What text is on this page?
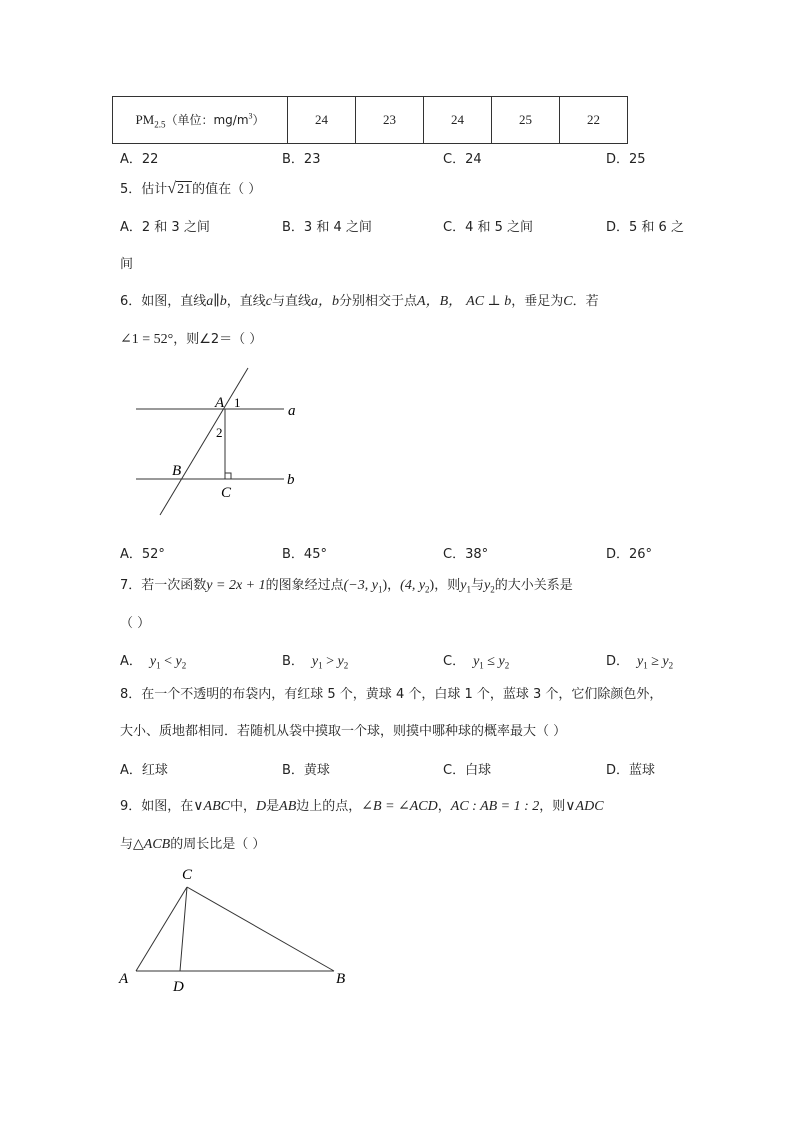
$PM_{2.5}$（单位：$mg/m^3$）	24	23	24	25	22
A．22	B．23	C．24	D．25
5．估计√21的值在（ ）
A．2 和 3 之间	B．3 和 4 之间	C．4 和 5 之间	D．5 和 6 之
间
6．如图，直线a∥b，直线c与直线a，b分别相交于点A，B， AC ⊥ b，垂足为C．若
∠1 = 52°，则∠2＝（ ）
A 1
2
a
B
C
b
A．52°	B．45°	C．38°	D．26°
7．若一次函数y = 2x + 1的图象经过点(−3, $y_1$)，(4, $y_2$)，则$y_1$与$y_2$的大小关系是
（ ）
A． $y_1 < y_2$	B． $y_1 > y_2$	C． $y_1 \le y_2$	D． $y_1 \ge y_2$
8．在一个不透明的布袋内，有红球 5 个，黄球 4 个，白球 1 个，蓝球 3 个，它们除颜色外，
大小、质地都相同．若随机从袋中摸取一个球，则摸中哪种球的概率最大（ ）
A．红球	B．黄球	C．白球	D．蓝球
9．如图，在∨ABC中，D是AB边上的点，∠B = ∠ACD，AC : AB = 1 : 2，则∨ADC
与△ACB的周长比是（ ）
C
A	D	B
